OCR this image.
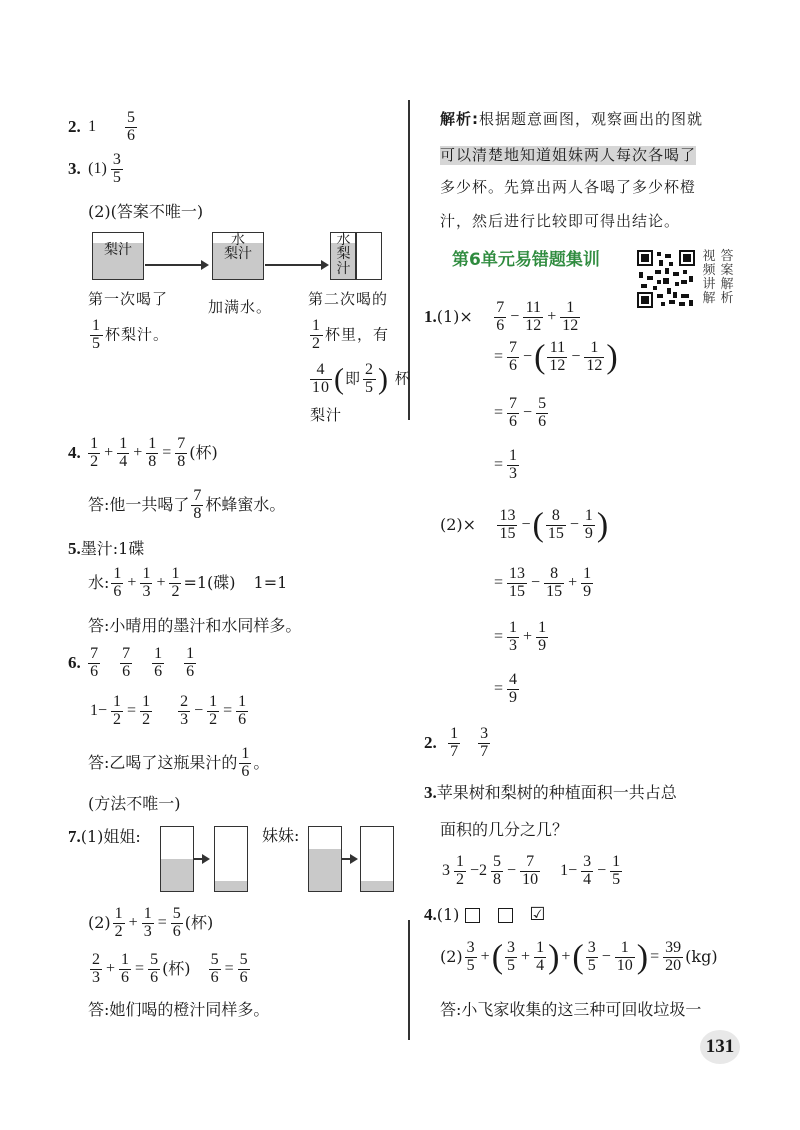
2. $1 \frac{5}{6}$
3. $(1) \frac{3}{5}$
(2)(答案不唯一)
梨汁
水
梨汁
水
梨汁
第一次喝了
$\frac{1}{5}$ 杯梨汁。
加满水。 第二次喝的
$\frac{1}{2}$ 杯里，有
$\frac{4}{10}$ (即 $\frac{2}{5}$ ) 杯
梨汁
4. $\frac{1}{2} + \frac{1}{4} + \frac{1}{8} = \frac{7}{8}$ (杯)
答:他一共喝了 $\frac{7}{8}$ 杯蜂蜜水。
5.墨汁:1碟
水: $\frac{1}{6} + \frac{1}{3} + \frac{1}{2} =1$(碟) 1=1
答:小晴用的墨汁和水同样多。
6. $\frac{7}{6} \frac{7}{6} \frac{1}{6} \frac{1}{6}$
$1- \frac{1}{2} = \frac{1}{2} \frac{2}{3} - \frac{1}{2} = \frac{1}{6}$
答:乙喝了这瓶果汁的 $\frac{1}{6}$ 。
(方法不唯一)
7.(1)姐姐:	妹妹:
$(2) \frac{1}{2} + \frac{1}{3} = \frac{5}{6}$ (杯)
$\frac{2}{3} + \frac{1}{6} = \frac{5}{6}$ (杯) $\frac{5}{6} = \frac{5}{6}$
答:她们喝的橙汁同样多。
解析:根据题意画图，观察画出的图就
可以清楚地知道姐妹两人每次各喝了
多少杯。先算出两人各喝了多少杯橙
汁，然后进行比较即可得出结论。
第6单元易错题集训	视频讲解
答案解析
$1.(1)\times \frac{7}{6} - \frac{11}{12} + \frac{1}{12}$
= $\frac{7}{6}$ −( $\frac{11}{12} - \frac{1}{12}$ )
= $\frac{7}{6} - \frac{5}{6}$
= $\frac{1}{3}$
$(2)\times \frac{13}{15}$ −( $\frac{8}{15} - \frac{1}{9}$ )
= $\frac{13}{15} - \frac{8}{15} + \frac{1}{9}$
= $\frac{1}{3} + \frac{1}{9}$
= $\frac{4}{9}$
2. $\frac{1}{7} \frac{3}{7}$
3.苹果树和梨树的种植面积一共占总
面积的几分之几？
$3 \frac{1}{2} -2 \frac{5}{8} - \frac{7}{10} 1- \frac{3}{4} - \frac{1}{5}$
4.(1)	☑
$(2) \frac{3}{5}$ +( $\frac{3}{5} + \frac{1}{4}$ ) +( $\frac{3}{5} - \frac{1}{10}$ ) = $\frac{39}{20} (kg)$
答:小飞家收集的这三种可回收垃圾一
131
